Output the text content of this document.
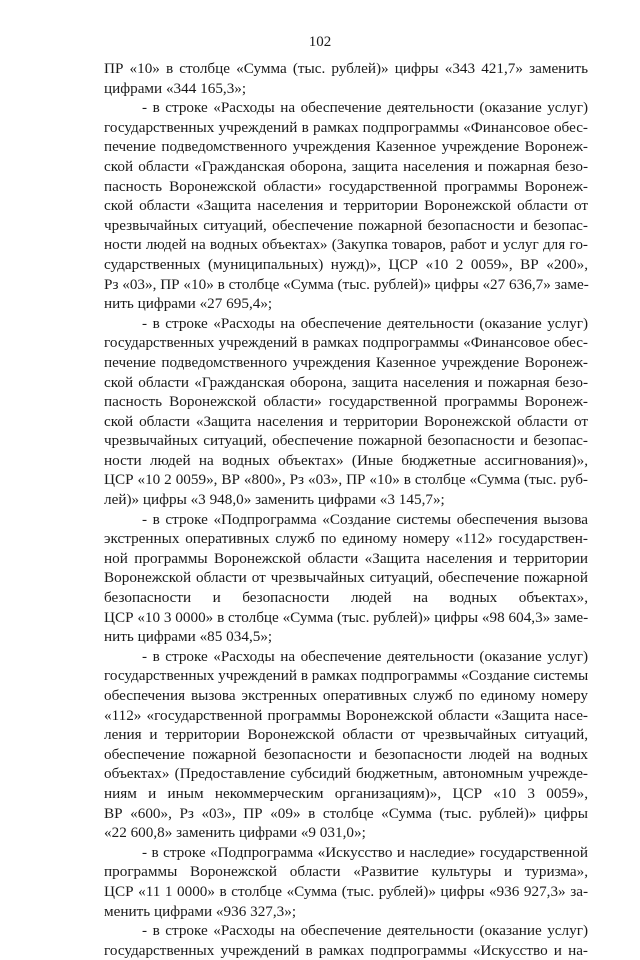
102
ПР «10» в столбце «Сумма (тыс. рублей)» цифры «343 421,7» заменить
цифрами «344 165,3»;
- в строке «Расходы на обеспечение деятельности (оказание услуг)
государственных учреждений в рамках подпрограммы «Финансовое обес-
печение подведомственного учреждения Казенное учреждение Воронеж-
ской области «Гражданская оборона, защита населения и пожарная безо-
пасность Воронежской области» государственной программы Воронеж-
ской области «Защита населения и территории Воронежской области от
чрезвычайных ситуаций, обеспечение пожарной безопасности и безопас-
ности людей на водных объектах» (Закупка товаров, работ и услуг для го-
сударственных (муниципальных) нужд)», ЦСР «10 2 0059», ВР «200»,
Рз «03», ПР «10» в столбце «Сумма (тыс. рублей)» цифры «27 636,7» заме-
нить цифрами «27 695,4»;
- в строке «Расходы на обеспечение деятельности (оказание услуг)
государственных учреждений в рамках подпрограммы «Финансовое обес-
печение подведомственного учреждения Казенное учреждение Воронеж-
ской области «Гражданская оборона, защита населения и пожарная безо-
пасность Воронежской области» государственной программы Воронеж-
ской области «Защита населения и территории Воронежской области от
чрезвычайных ситуаций, обеспечение пожарной безопасности и безопас-
ности людей на водных объектах» (Иные бюджетные ассигнования)»,
ЦСР «10 2 0059», ВР «800», Рз «03», ПР «10» в столбце «Сумма (тыс. руб-
лей)» цифры «3 948,0» заменить цифрами «3 145,7»;
- в строке «Подпрограмма «Создание системы обеспечения вызова
экстренных оперативных служб по единому номеру «112» государствен-
ной программы Воронежской области «Защита населения и территории
Воронежской области от чрезвычайных ситуаций, обеспечение пожарной
безопасности и безопасности людей на водных объектах»,
ЦСР «10 3 0000» в столбце «Сумма (тыс. рублей)» цифры «98 604,3» заме-
нить цифрами «85 034,5»;
- в строке «Расходы на обеспечение деятельности (оказание услуг)
государственных учреждений в рамках подпрограммы «Создание системы
обеспечения вызова экстренных оперативных служб по единому номеру
«112» «государственной программы Воронежской области «Защита насе-
ления и территории Воронежской области от чрезвычайных ситуаций,
обеспечение пожарной безопасности и безопасности людей на водных
объектах» (Предоставление субсидий бюджетным, автономным учрежде-
ниям и иным некоммерческим организациям)», ЦСР «10 3 0059»,
ВР «600», Рз «03», ПР «09» в столбце «Сумма (тыс. рублей)» цифры
«22 600,8» заменить цифрами «9 031,0»;
- в строке «Подпрограмма «Искусство и наследие» государственной
программы Воронежской области «Развитие культуры и туризма»,
ЦСР «11 1 0000» в столбце «Сумма (тыс. рублей)» цифры «936 927,3» за-
менить цифрами «936 327,3»;
- в строке «Расходы на обеспечение деятельности (оказание услуг)
государственных учреждений в рамках подпрограммы «Искусство и на-
